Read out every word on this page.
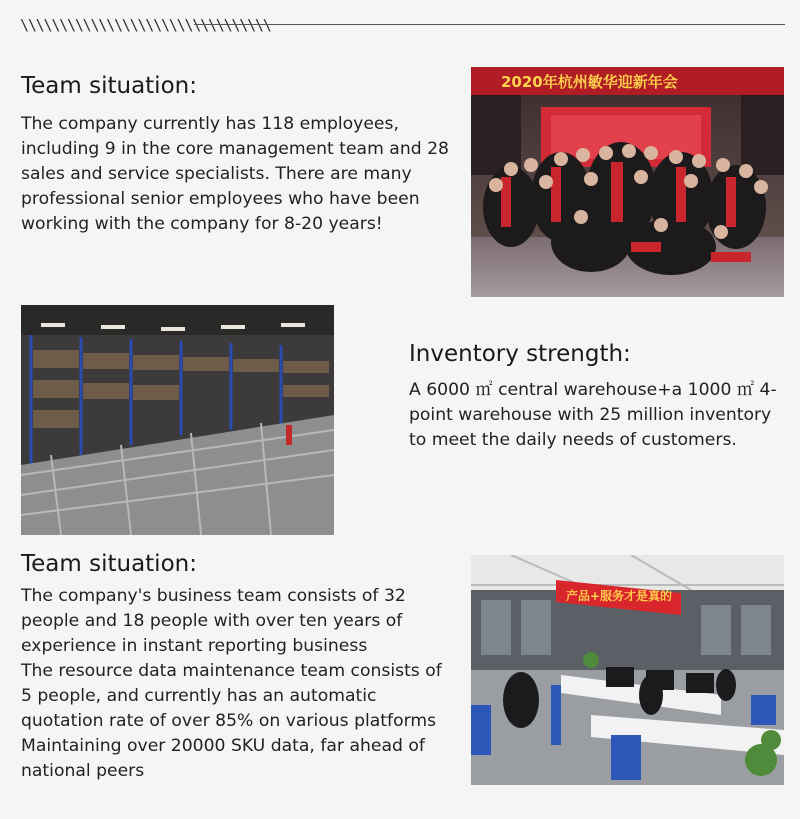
\\\\\\\\\\\\\\\\\\\\\\\\\\\\\\\\
Team situation:

The company currently has 118 employees, including 9 in the core management team and 28 sales and service specialists. There are many professional senior employees who have been working with the company for 8-20 years!

2020年杭州敏华迎新年会
Inventory strength:

A 6000 ㎡ central warehouse+a 1000 ㎡ 4-point warehouse with 25 million inventory to meet the daily needs of customers.

Team situation:

The company's business team consists of 32 people and 18 people with over ten years of experience in instant reporting business

The resource data maintenance team consists of 5 people, and currently has an automatic quotation rate of over 85% on various platforms

Maintaining over 20000 SKU data, far ahead of national peers

产品+服务才是真的
